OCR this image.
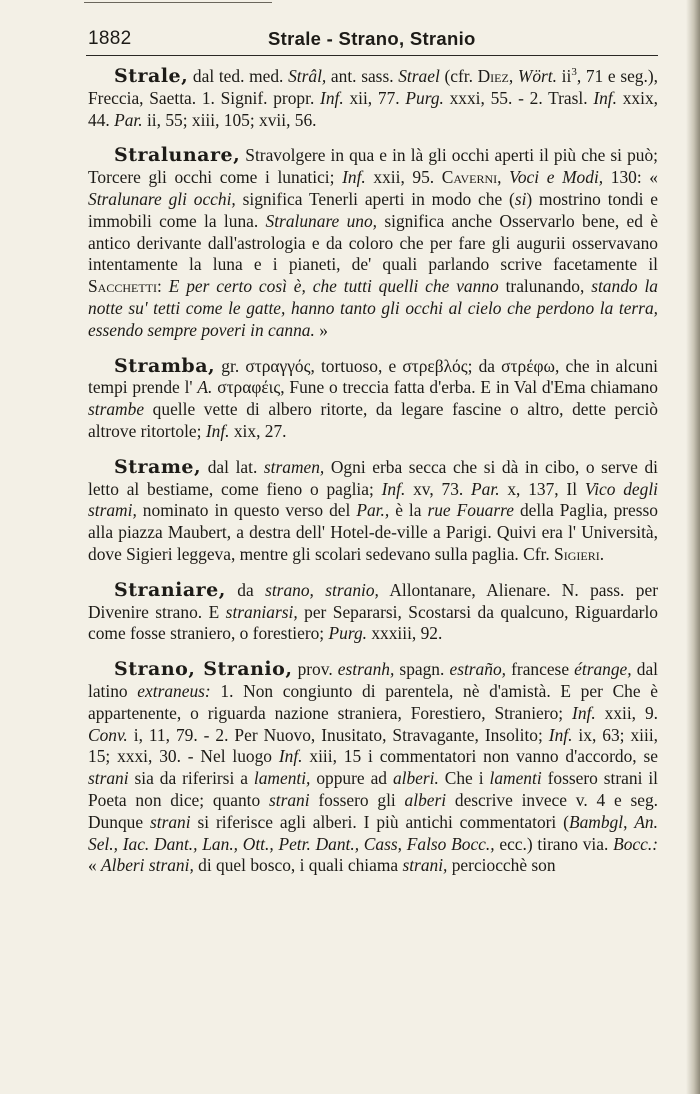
1882	Strale - Strano, Stranio

Strale, dal ted. med. Strâl, ant. sass. Strael (cfr. Diez, Wört. $ii^3$, 71 e seg.), Freccia, Saetta. 1. Signif. propr. Inf. xii, 77. Purg. xxxi, 55. - 2. Trasl. Inf. xxix, 44. Par. ii, 55; xiii, 105; xvii, 56.

Stralunare, Stravolgere in qua e in là gli occhi aperti il più che si può; Torcere gli occhi come i lunatici; Inf. xxii, 95. Caverni, Voci e Modi, 130: « Stralunare gli occhi, significa Tenerli aperti in modo che (si) mostrino tondi e immobili come la luna. Stralunare uno, significa anche Osservarlo bene, ed è antico derivante dall'astrologia e da coloro che per fare gli augurii osservavano intentamente la luna e i pianeti, de' quali parlando scrive facetamente il Sacchetti: E per certo così è, che tutti quelli che vanno tralunando, stando la notte su' tetti come le gatte, hanno tanto gli occhi al cielo che perdono la terra, essendo sempre poveri in canna. »

Stramba, gr. στραγγός, tortuoso, e στρεβλός; da στρέφω, che in alcuni tempi prende l' A. στραφέις, Fune o treccia fatta d'erba. E in Val d'Ema chiamano strambe quelle vette di albero ritorte, da legare fascine o altro, dette perciò altrove ritortole; Inf. xix, 27.

Strame, dal lat. stramen, Ogni erba secca che si dà in cibo, o serve di letto al bestiame, come fieno o paglia; Inf. xv, 73. Par. x, 137, Il Vico degli strami, nominato in questo verso del Par., è la rue Fouarre della Paglia, presso alla piazza Maubert, a destra dell' Hotel-de-ville a Parigi. Quivi era l' Università, dove Sigieri leggeva, mentre gli scolari sedevano sulla paglia. Cfr. Sigieri.

Straniare, da strano, stranio, Allontanare, Alienare. N. pass. per Divenire strano. E straniarsi, per Separarsi, Scostarsi da qualcuno, Riguardarlo come fosse straniero, o forestiero; Purg. xxxiii, 92.

Strano, Stranio, prov. estranh, spagn. estraño, francese étrange, dal latino extraneus: 1. Non congiunto di parentela, nè d'amistà. E per Che è appartenente, o riguarda nazione straniera, Forestiero, Straniero; Inf. xxii, 9. Conv. i, 11, 79. - 2. Per Nuovo, Inusitato, Stravagante, Insolito; Inf. ix, 63; xiii, 15; xxxi, 30. - Nel luogo Inf. xiii, 15 i commentatori non vanno d'accordo, se strani sia da riferirsi a lamenti, oppure ad alberi. Che i lamenti fossero strani il Poeta non dice; quanto strani fossero gli alberi descrive invece v. 4 e seg. Dunque strani si riferisce agli alberi. I più antichi commentatori (Bambgl, An. Sel., Iac. Dant., Lan., Ott., Petr. Dant., Cass, Falso Bocc., ecc.) tirano via. Bocc.: « Alberi strani, di quel bosco, i quali chiama strani, perciocchè son
